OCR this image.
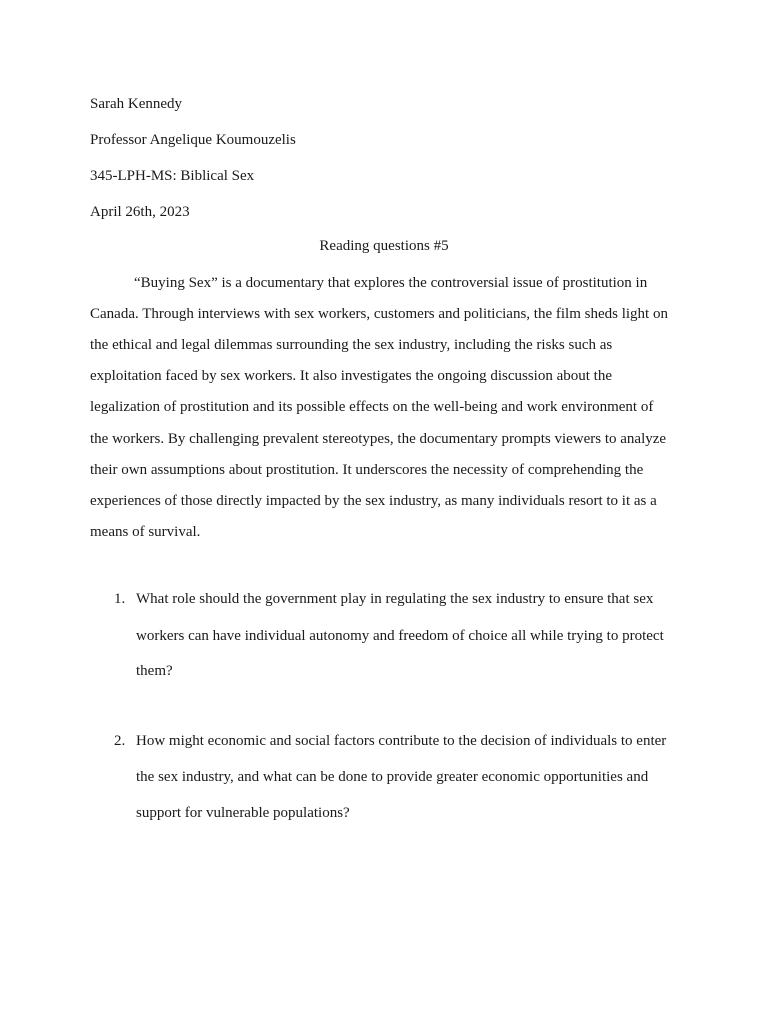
Sarah Kennedy
Professor Angelique Koumouzelis
345-LPH-MS: Biblical Sex
April 26th, 2023
Reading questions #5
“Buying Sex” is a documentary that explores the controversial issue of prostitution in
Canada. Through interviews with sex workers, customers and politicians, the film sheds light on
the ethical and legal dilemmas surrounding the sex industry, including the risks such as
exploitation faced by sex workers. It also investigates the ongoing discussion about the
legalization of prostitution and its possible effects on the well-being and work environment of
the workers. By challenging prevalent stereotypes, the documentary prompts viewers to analyze
their own assumptions about prostitution. It underscores the necessity of comprehending the
experiences of those directly impacted by the sex industry, as many individuals resort to it as a
means of survival.
1. What role should the government play in regulating the sex industry to ensure that sex
workers can have individual autonomy and freedom of choice all while trying to protect
them?
2. How might economic and social factors contribute to the decision of individuals to enter
the sex industry, and what can be done to provide greater economic opportunities and
support for vulnerable populations?
